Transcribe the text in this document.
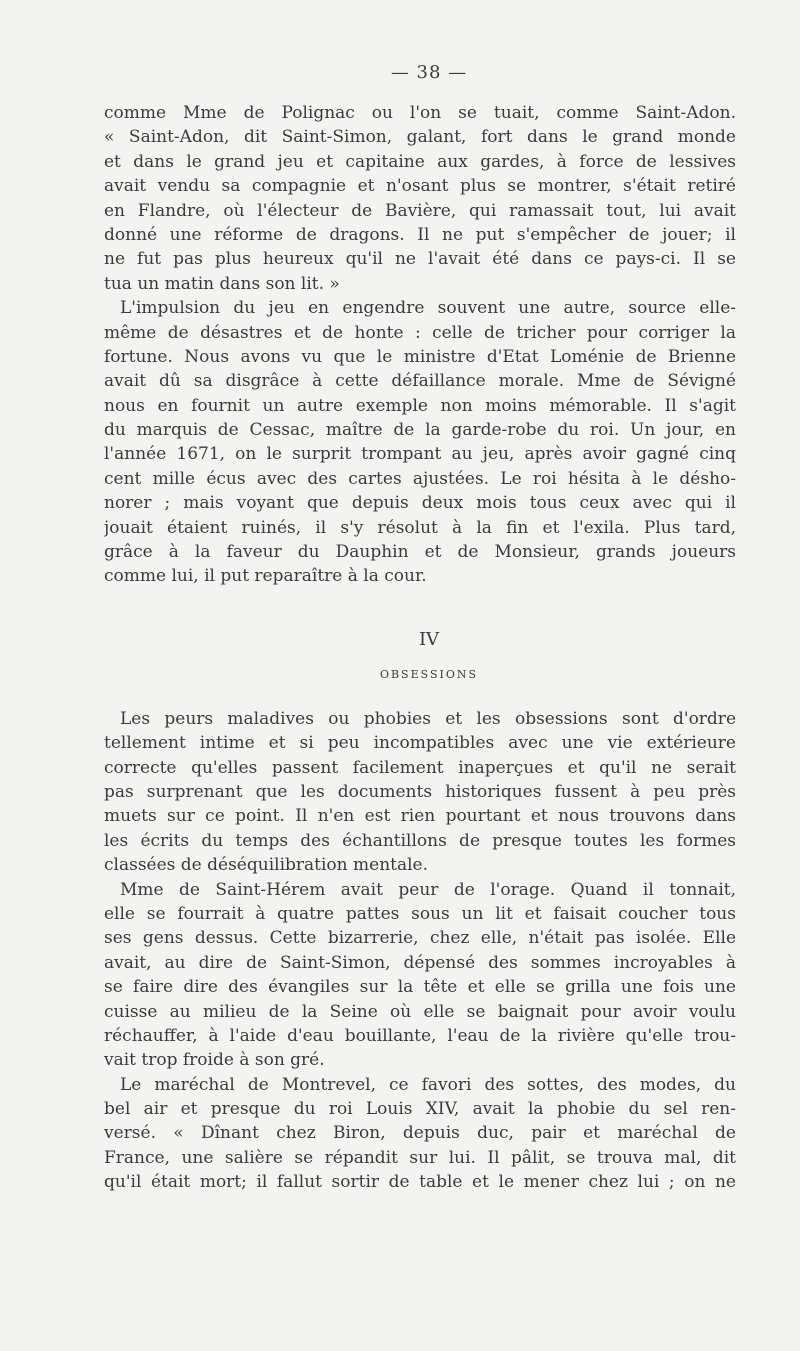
— 38 —
comme Mme de Polignac ou l'on se tuait, comme Saint-Adon.
« Saint-Adon, dit Saint-Simon, galant, fort dans le grand monde
et dans le grand jeu et capitaine aux gardes, à force de lessives
avait vendu sa compagnie et n'osant plus se montrer, s'était retiré
en Flandre, où l'électeur de Bavière, qui ramassait tout, lui avait
donné une réforme de dragons. Il ne put s'empêcher de jouer; il
ne fut pas plus heureux qu'il ne l'avait été dans ce pays-ci. Il se
tua un matin dans son lit. »
L'impulsion du jeu en engendre souvent une autre, source elle-
même de désastres et de honte : celle de tricher pour corriger la
fortune. Nous avons vu que le ministre d'Etat Loménie de Brienne
avait dû sa disgrâce à cette défaillance morale. Mme de Sévigné
nous en fournit un autre exemple non moins mémorable. Il s'agit
du marquis de Cessac, maître de la garde-robe du roi. Un jour, en
l'année 1671, on le surprit trompant au jeu, après avoir gagné cinq
cent mille écus avec des cartes ajustées. Le roi hésita à le désho-
norer ; mais voyant que depuis deux mois tous ceux avec qui il
jouait étaient ruinés, il s'y résolut à la fin et l'exila. Plus tard,
grâce à la faveur du Dauphin et de Monsieur, grands joueurs
comme lui, il put reparaître à la cour.
IV
OBSESSIONS
Les peurs maladives ou phobies et les obsessions sont d'ordre
tellement intime et si peu incompatibles avec une vie extérieure
correcte qu'elles passent facilement inaperçues et qu'il ne serait
pas surprenant que les documents historiques fussent à peu près
muets sur ce point. Il n'en est rien pourtant et nous trouvons dans
les écrits du temps des échantillons de presque toutes les formes
classées de déséquilibration mentale.
Mme de Saint-Hérem avait peur de l'orage. Quand il tonnait,
elle se fourrait à quatre pattes sous un lit et faisait coucher tous
ses gens dessus. Cette bizarrerie, chez elle, n'était pas isolée. Elle
avait, au dire de Saint-Simon, dépensé des sommes incroyables à
se faire dire des évangiles sur la tête et elle se grilla une fois une
cuisse au milieu de la Seine où elle se baignait pour avoir voulu
réchauffer, à l'aide d'eau bouillante, l'eau de la rivière qu'elle trou-
vait trop froide à son gré.
Le maréchal de Montrevel, ce favori des sottes, des modes, du
bel air et presque du roi Louis XIV, avait la phobie du sel ren-
versé. « Dînant chez Biron, depuis duc, pair et maréchal de
France, une salière se répandit sur lui. Il pâlit, se trouva mal, dit
qu'il était mort; il fallut sortir de table et le mener chez lui ; on ne
